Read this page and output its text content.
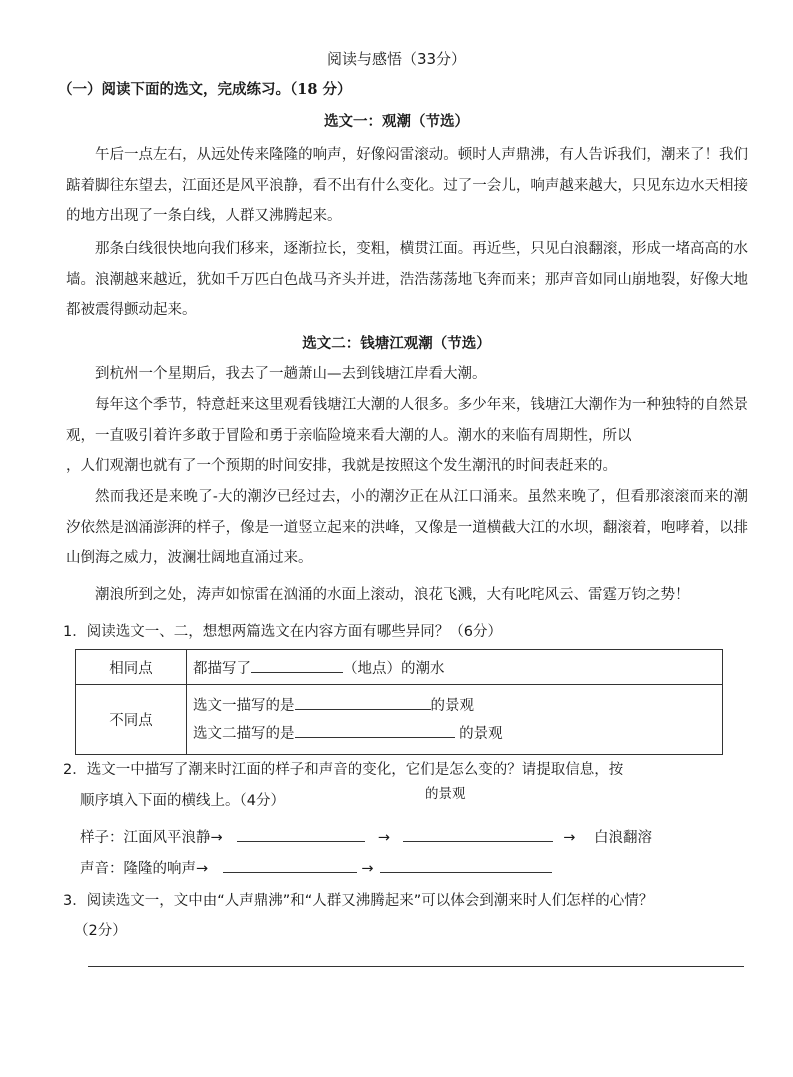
阅读与感悟（33分）
（一）阅读下面的选文，完成练习。（18 分）
选文一：观潮（节选）
午后一点左右，从远处传来隆隆的响声，好像闷雷滚动。顿时人声鼎沸，有人告诉我们，潮来了！我们踮着脚往东望去，江面还是风平浪静，看不出有什么变化。过了一会儿，响声越来越大，只见东边水天相接的地方出现了一条白线，人群又沸腾起来。
那条白线很快地向我们移来，逐渐拉长，变粗，横贯江面。再近些，只见白浪翻滚，形成一堵高高的水墙。浪潮越来越近，犹如千万匹白色战马齐头并进，浩浩荡荡地飞奔而来；那声音如同山崩地裂，好像大地都被震得颤动起来。
选文二：钱塘江观潮（节选）
到杭州一个星期后，我去了一趟萧山—去到钱塘江岸看大潮。
每年这个季节，特意赶来这里观看钱塘江大潮的人很多。多少年来，钱塘江大潮作为一种独特的自然景观，一直吸引着许多敢于冒险和勇于亲临险境来看大潮的人。潮水的来临有周期性，所以
，人们观潮也就有了一个预期的时间安排，我就是按照这个发生潮汛的时间表赶来的。
然而我还是来晚了-大的潮汐已经过去，小的潮汐正在从江口涌来。虽然来晚了，但看那滚滚而来的潮汐依然是汹涌澎湃的样子，像是一道竖立起来的洪峰，又像是一道横截大江的水坝，翻滚着，咆哮着，以排山倒海之威力，波澜壮阔地直涌过来。
潮浪所到之处，涛声如惊雷在汹涌的水面上滚动，浪花飞溅，大有叱咤风云、雷霆万钧之势！
1．阅读选文一、二，想想两篇选文在内容方面有哪些异同？（6分）
相同点	都描写了 （地点）的潮水
不同点	选文一描写的是 的景观
选文二描写的是 的景观
2．选文一中描写了潮来时江面的样子和声音的变化，它们是怎么变的？请提取信息，按
顺序填入下面的横线上。（4分）	的景观
样子：江面风平浪静→	→	→ 白浪翻溶
声音：隆隆的响声→	→
3．阅读选文一，文中由“人声鼎沸”和“人群又沸腾起来”可以体会到潮来时人们怎样的心情？
（2分）
